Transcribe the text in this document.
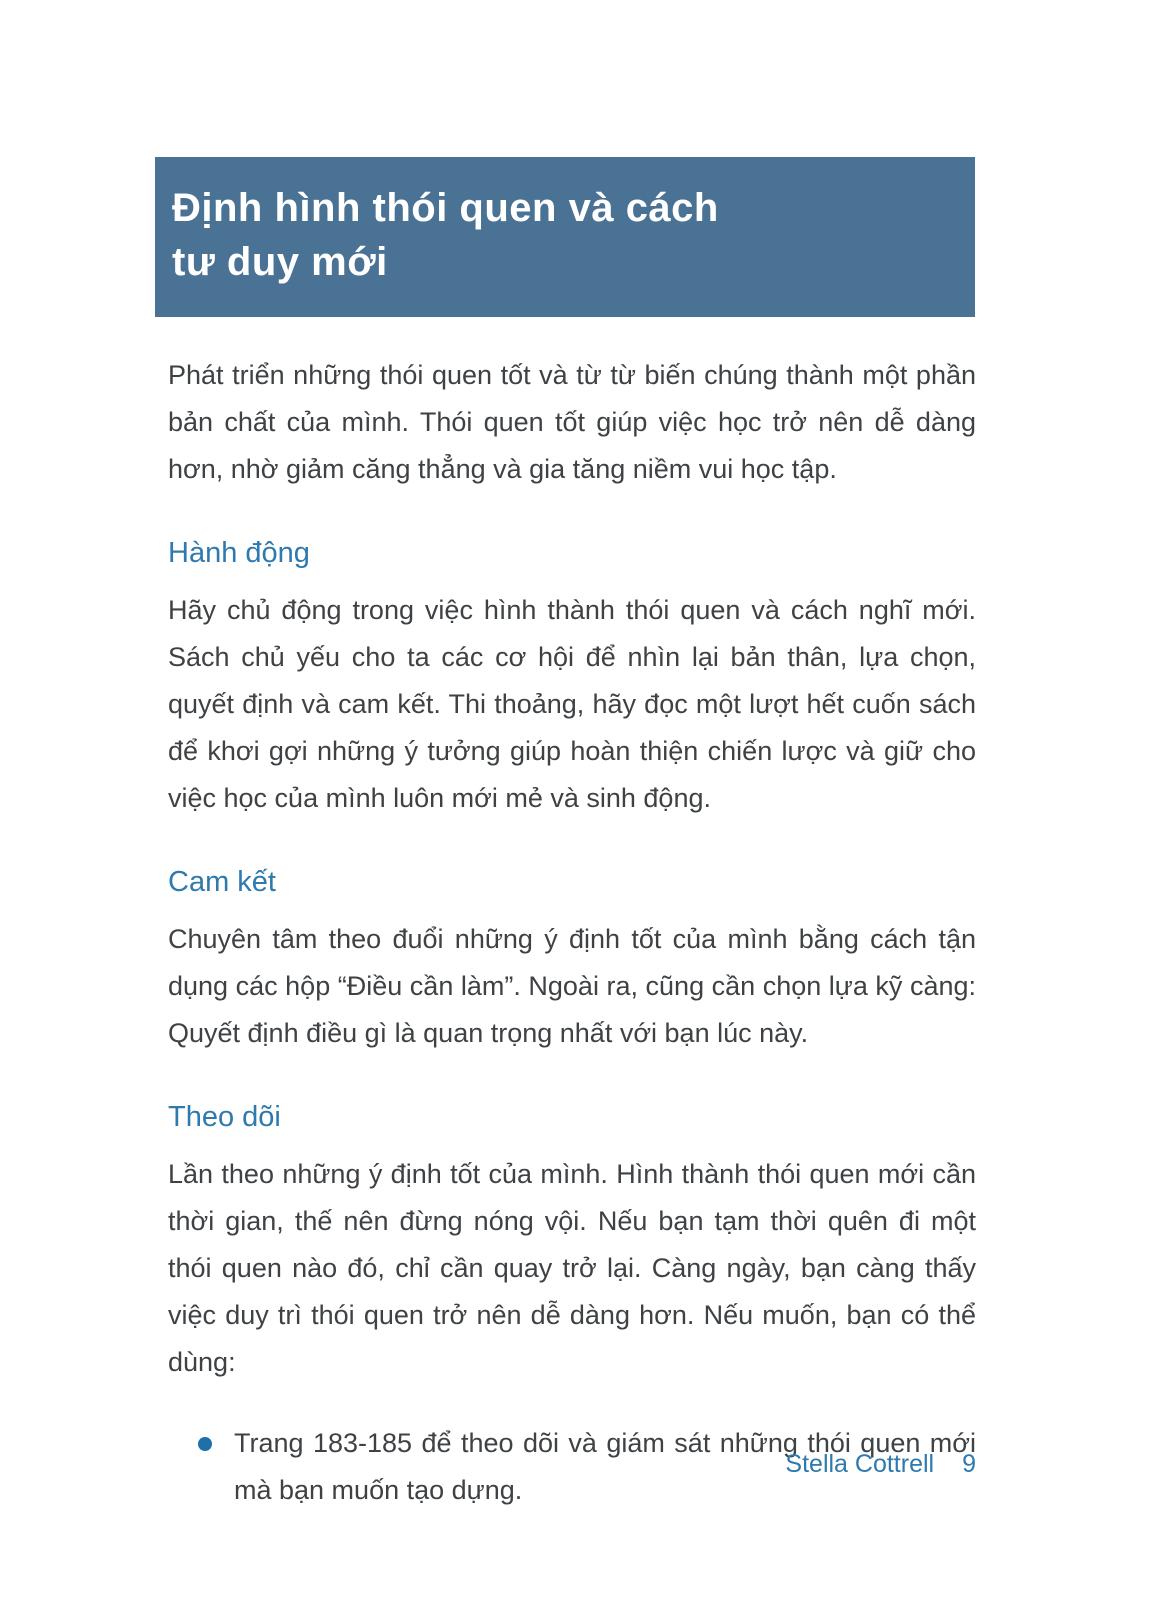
Định hình thói quen và cách
tư duy mới

Phát triển những thói quen tốt và từ từ biến chúng thành một phần bản chất của mình. Thói quen tốt giúp việc học trở nên dễ dàng hơn, nhờ giảm căng thẳng và gia tăng niềm vui học tập.

Hành động

Hãy chủ động trong việc hình thành thói quen và cách nghĩ mới. Sách chủ yếu cho ta các cơ hội để nhìn lại bản thân, lựa chọn, quyết định và cam kết. Thi thoảng, hãy đọc một lượt hết cuốn sách để khơi gợi những ý tưởng giúp hoàn thiện chiến lược và giữ cho việc học của mình luôn mới mẻ và sinh động.

Cam kết

Chuyên tâm theo đuổi những ý định tốt của mình bằng cách tận dụng các hộp “Điều cần làm”. Ngoài ra, cũng cần chọn lựa kỹ càng: Quyết định điều gì là quan trọng nhất với bạn lúc này.

Theo dõi

Lần theo những ý định tốt của mình. Hình thành thói quen mới cần thời gian, thế nên đừng nóng vội. Nếu bạn tạm thời quên đi một thói quen nào đó, chỉ cần quay trở lại. Càng ngày, bạn càng thấy việc duy trì thói quen trở nên dễ dàng hơn. Nếu muốn, bạn có thể dùng:

Trang 183-185 để theo dõi và giám sát những thói quen mới mà bạn muốn tạo dựng.
Stella Cottrell 9
